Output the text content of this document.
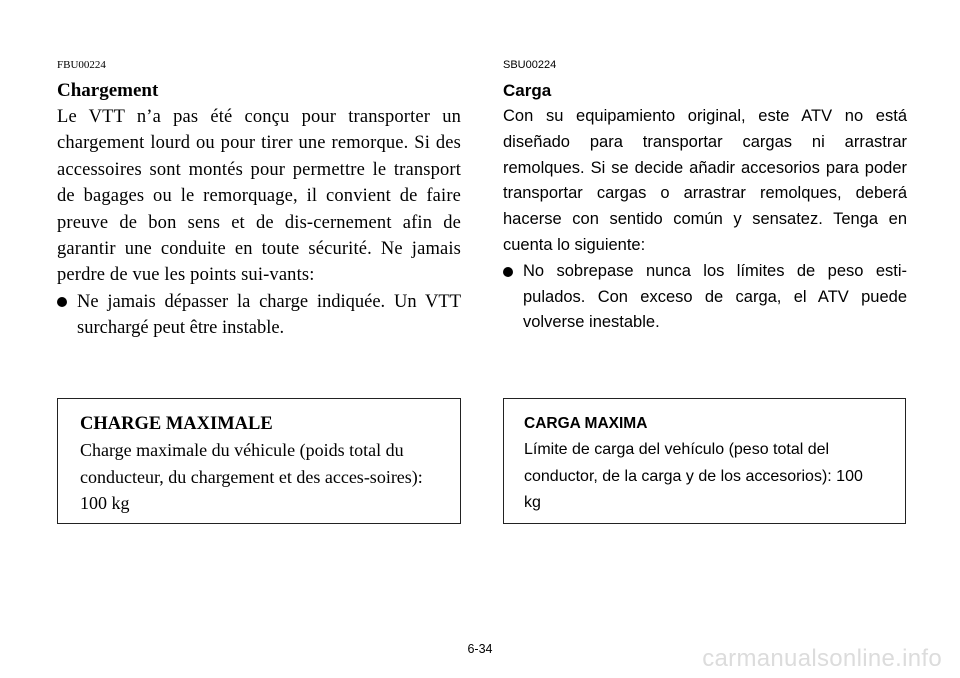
FBU00224

Chargement

Le VTT n’a pas été conçu pour transporter un chargement lourd ou pour tirer une remorque. Si des accessoires sont montés pour permettre le transport de bagages ou le remorquage, il convient de faire preuve de bon sens et de dis-cernement afin de garantir une conduite en toute sécurité. Ne jamais perdre de vue les points sui-vants:

Ne jamais dépasser la charge indiquée. Un VTT surchargé peut être instable.

SBU00224

Carga

Con su equipamiento original, este ATV no está diseñado para transportar cargas ni arrastrar remolques. Si se decide añadir accesorios para poder transportar cargas o arrastrar remolques, deberá hacerse con sentido común y sensatez. Tenga en cuenta lo siguiente:

No sobrepase nunca los límites de peso esti-pulados. Con exceso de carga, el ATV puede volverse inestable.

CHARGE MAXIMALE

Charge maximale du véhicule (poids total du conducteur, du chargement et des acces-soires): 100 kg

CARGA MAXIMA

Límite de carga del vehículo (peso total del conductor, de la carga y de los accesorios): 100 kg

6-34	carmanualsonline.info
